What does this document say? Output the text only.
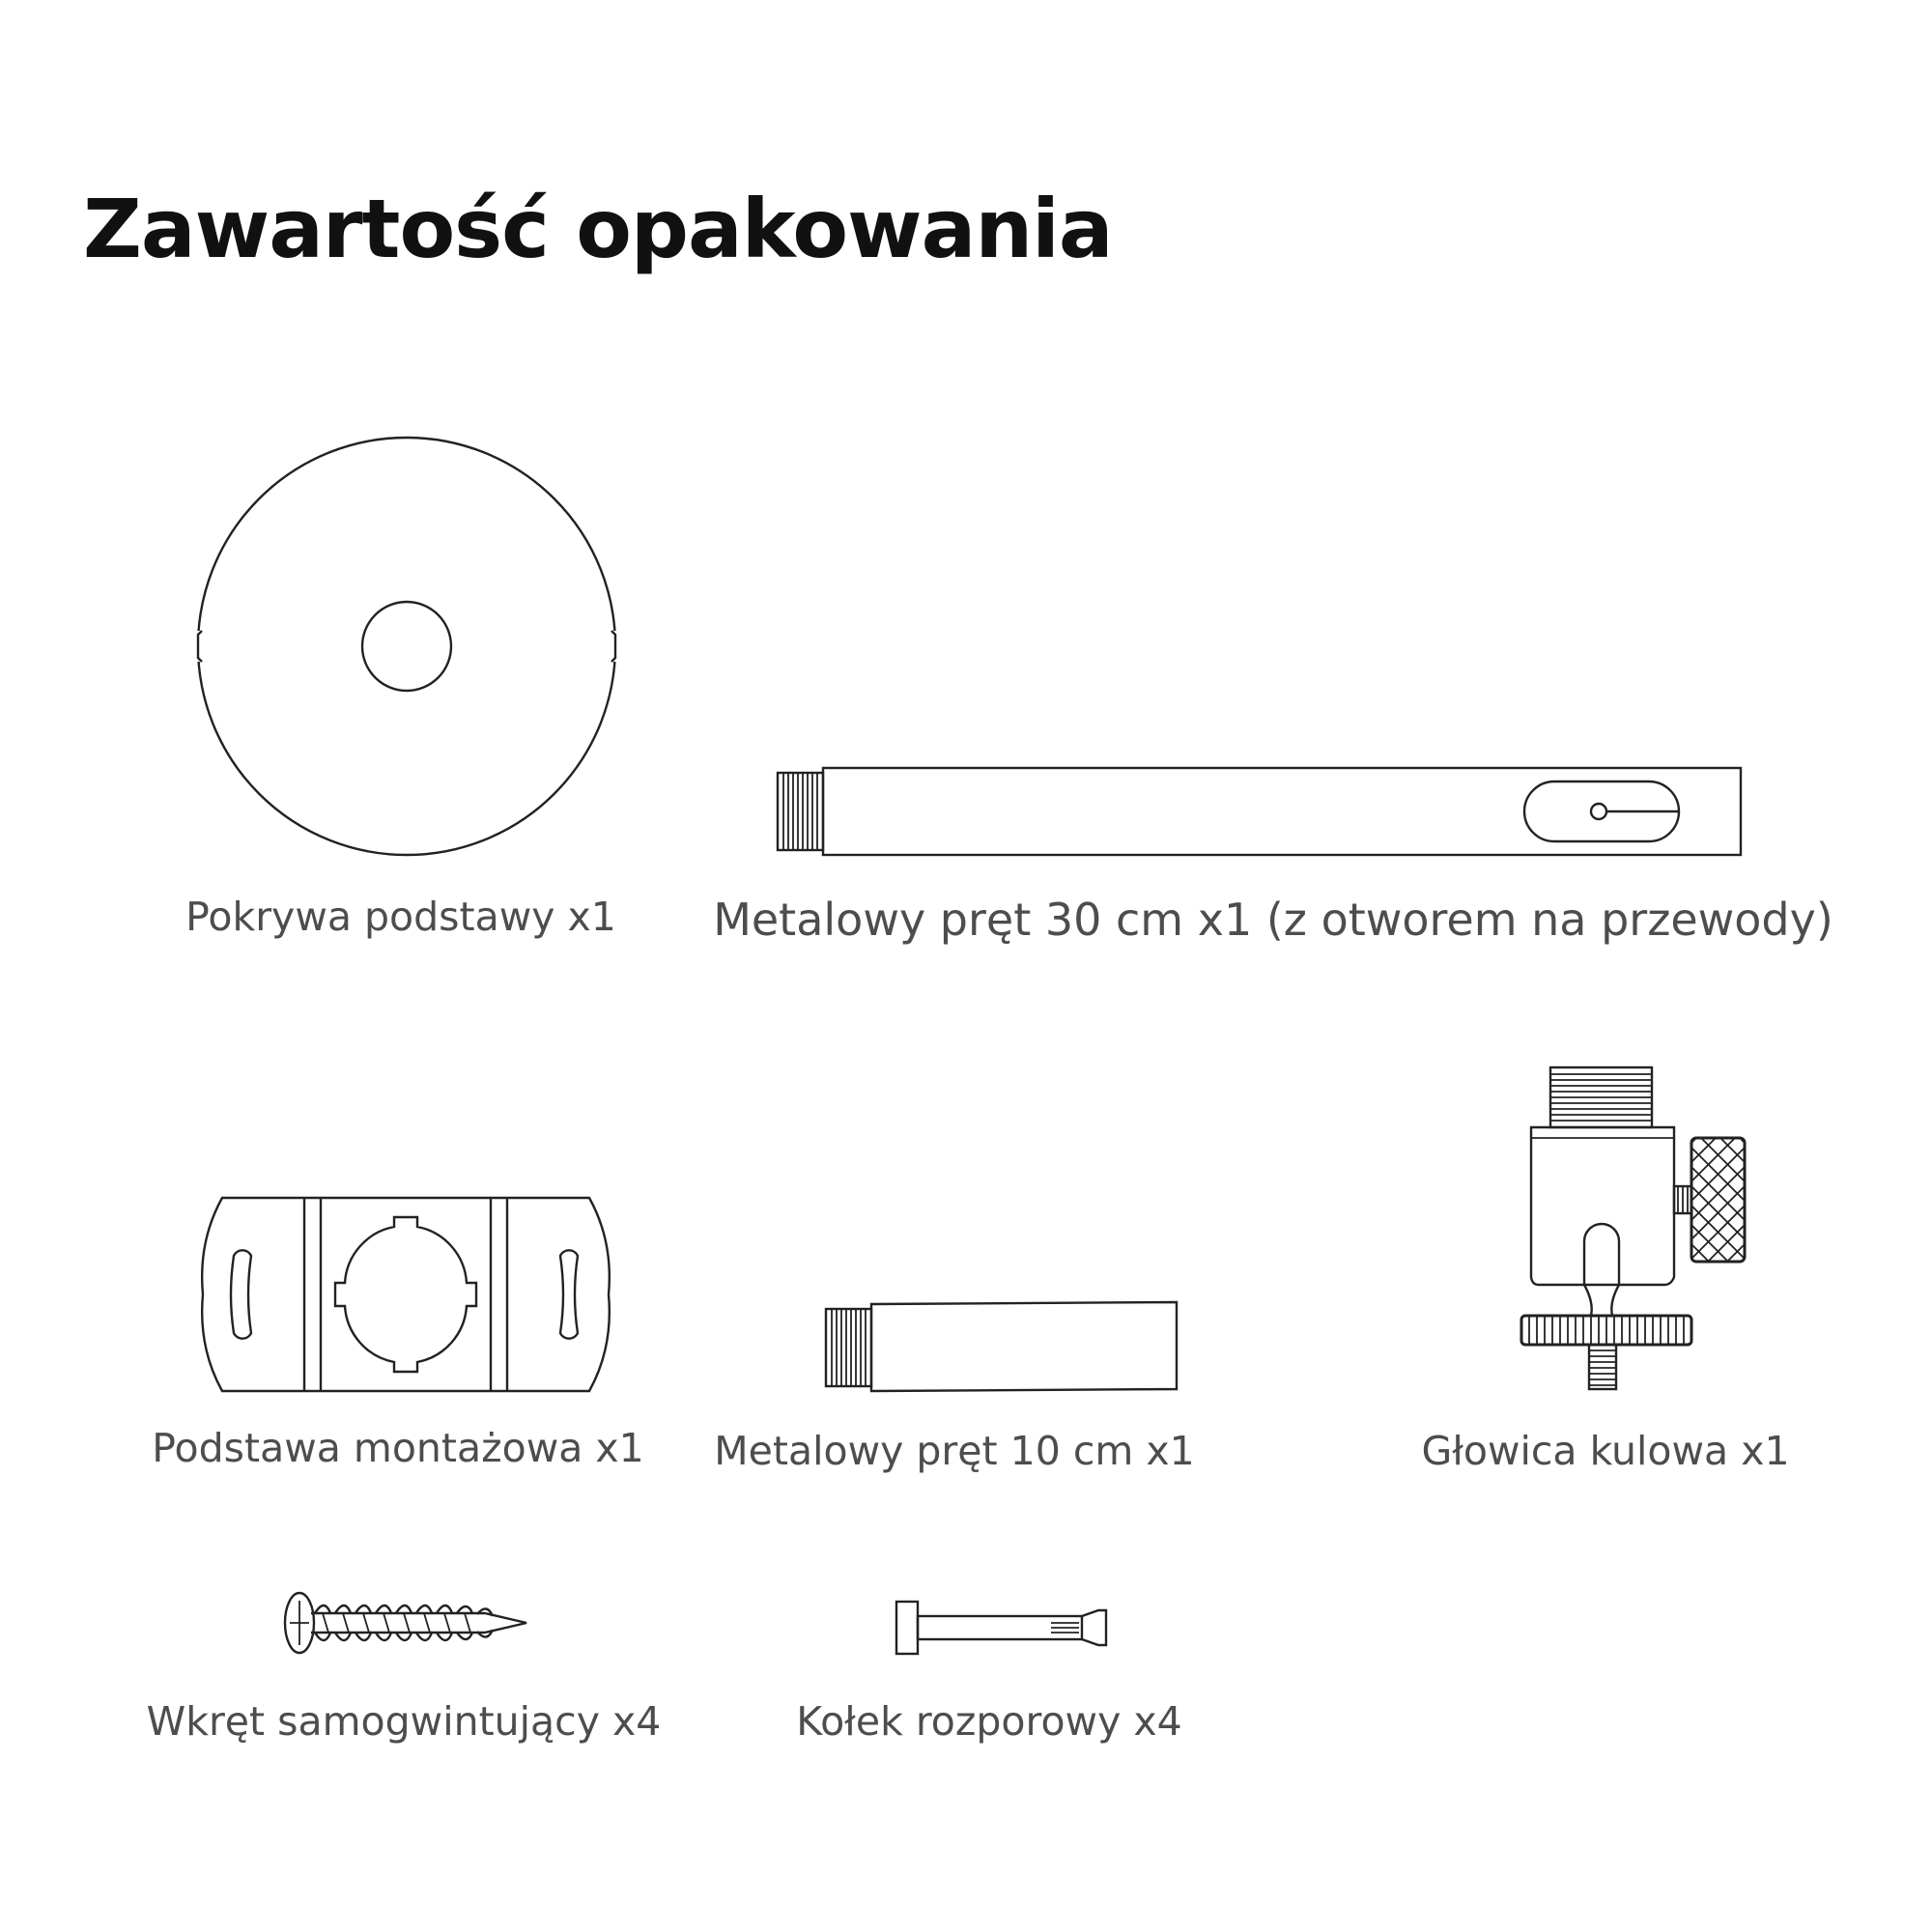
Zawartość opakowania
Pokrywa podstawy x1 Metalowy pręt 30 cm x1 (z otworem na przewody)
Podstawa montażowa x1 Metalowy pręt 10 cm x1	Głowica kulowa x1
Wkręt samogwintujący x4	Kołek rozporowy x4
